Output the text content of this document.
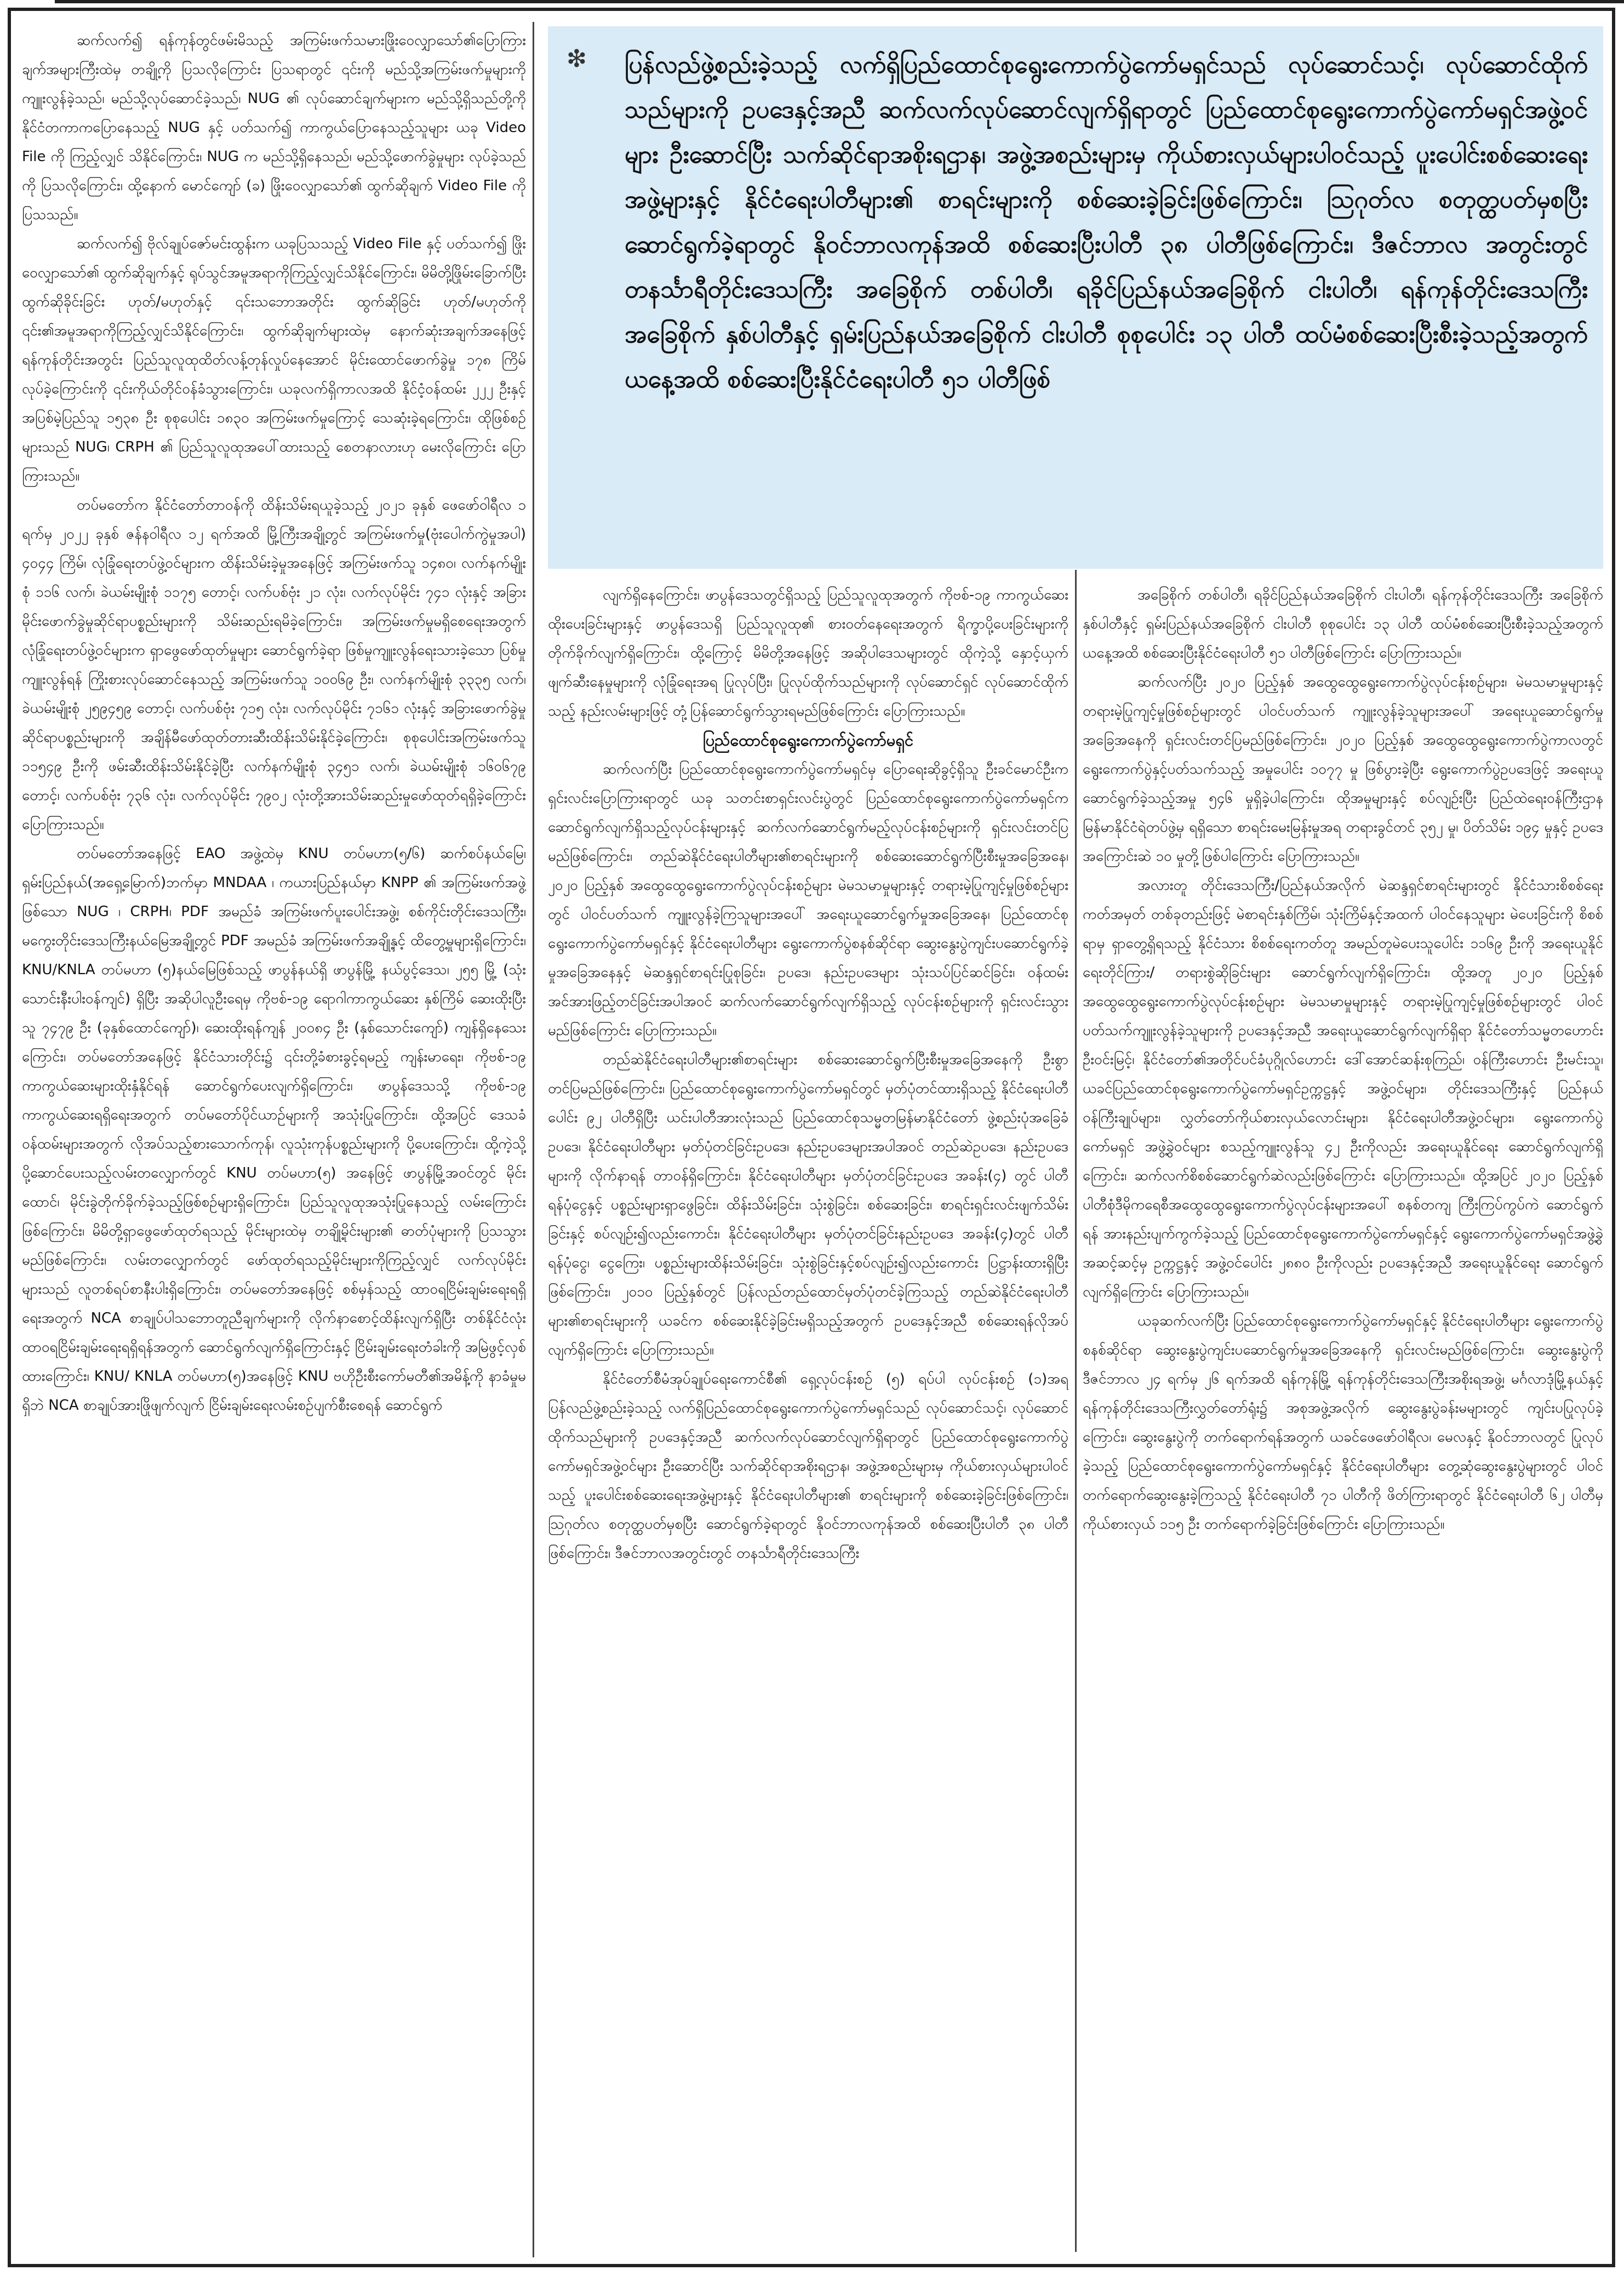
❇ ပြန်လည်ဖွဲ့စည်းခဲ့သည့် လက်ရှိပြည်ထောင်စုရွေးကောက်ပွဲကော်မရှင်သည် လုပ်ဆောင်သင့်၊ လုပ်ဆောင်ထိုက်သည်များကို ဥပဒေနှင့်အညီ ဆက်လက်လုပ်ဆောင်လျက်ရှိရာတွင် ပြည်ထောင်စုရွေးကောက်ပွဲကော်မရှင်အဖွဲ့ဝင်များ ဦးဆောင်ပြီး သက်ဆိုင်ရာအစိုးရဌာန၊ အဖွဲ့အစည်းများမှ ကိုယ်စားလှယ်များပါဝင်သည့် ပူးပေါင်းစစ်ဆေးရေးအဖွဲ့များနှင့် နိုင်ငံရေးပါတီများ၏ စာရင်းများကို စစ်ဆေးခဲ့ခြင်းဖြစ်ကြောင်း၊ ဩဂုတ်လ စတုတ္ထပတ်မှစပြီး ဆောင်ရွက်ခဲ့ရာတွင် နိုဝင်ဘာလကုန်အထိ စစ်ဆေးပြီးပါတီ ၃၈ ပါတီဖြစ်ကြောင်း၊ ဒီဇင်ဘာလ အတွင်းတွင် တနင်္သာရီတိုင်းဒေသကြီး အခြေစိုက် တစ်ပါတီ၊ ရခိုင်ပြည်နယ်အခြေစိုက် ငါးပါတီ၊ ရန်ကုန်တိုင်းဒေသကြီး အခြေစိုက် နှစ်ပါတီနှင့် ရှမ်းပြည်နယ်အခြေစိုက် ငါးပါတီ စုစုပေါင်း ၁၃ ပါတီ ထပ်မံစစ်ဆေးပြီးစီးခဲ့သည့်အတွက် ယနေ့အထိ စစ်ဆေးပြီးနိုင်ငံရေးပါတီ ၅၁ ပါတီဖြစ်

ဆက်လက်၍ ရန်ကုန်တွင်ဖမ်းမိသည့် အကြမ်းဖက်သမားဖြိုးဝေလျှာသော်၏ပြောကြားချက်အများကြီးထဲမှ တချို့ကို ပြသလိုကြောင်း ပြသရာတွင် ၎င်းကို မည်သို့အကြမ်းဖက်မှုများကို ကျူးလွန်ခဲ့သည်၊ မည်သို့လုပ်ဆောင်ခဲ့သည်၊ NUG ၏ လုပ်ဆောင်ချက်များက မည်သို့ရှိသည်တို့ကို နိုင်ငံတကာကပြောနေသည့် NUG နှင့် ပတ်သက်၍ ကာကွယ်ပြောနေသည့်သူများ ယခု Video File ကို ကြည့်လျှင် သိနိုင်ကြောင်း၊ NUG က မည်သို့ရှိနေသည်၊ မည်သို့ဖောက်ခွဲမှုများ လုပ်ခဲ့သည်ကို ပြသလိုကြောင်း၊ ထို့နောက် မောင်ကျော် (ခ) ဖြိုးဝေလျှာသော်၏ ထွက်ဆိုချက် Video File ကို ပြသသည်။

ဆက်လက်၍ ဗိုလ်ချုပ်ဇော်မင်းထွန်းက ယခုပြသသည့် Video File နှင့် ပတ်သက်၍ ဖြိုးဝေလျှာသော်၏ ထွက်ဆိုချက်နှင့် ရုပ်သွင်အမူအရာကိုကြည့်လျှင်သိနိုင်ကြောင်း၊ မိမိတို့ဖြိုမ်းခြောက်ပြီးထွက်ဆိုခိုင်းခြင်း ဟုတ်/မဟုတ်နှင့် ၎င်းသဘောအတိုင်း ထွက်ဆိုခြင်း ဟုတ်/မဟုတ်ကို ၎င်း၏အမူအရာကိုကြည့်လျှင်သိနိုင်ကြောင်း၊ ထွက်ဆိုချက်များထဲမှ နောက်ဆုံးအချက်အနေဖြင့် ရန်ကုန်တိုင်းအတွင်း ပြည်သူလူထုထိတ်လန့်တုန်လှုပ်နေအောင် မိုင်းထောင်ဖောက်ခွဲမှု ၁၇၈ ကြိမ် လုပ်ခဲ့ကြောင်းကို ၎င်းကိုယ်တိုင်ဝန်ခံသွားကြောင်း၊ ယခုလက်ရှိကာလအထိ နိုင်ငံ့ဝန်ထမ်း ၂၂၂ ဦးနှင့် အပြစ်မဲ့ပြည်သူ ၁၅၃၈ ဦး စုစုပေါင်း ၁၈၃၀ အကြမ်းဖက်မှုကြောင့် သေဆုံးခဲ့ရကြောင်း၊ ထိုဖြစ်စဉ်များသည် NUG၊ CRPH ၏ ပြည်သူလူထုအပေါ်ထားသည့် စေတနာလားဟု မေးလိုကြောင်း ပြောကြားသည်။

တပ်မတော်က နိုင်ငံတော်တာဝန်ကို ထိန်းသိမ်းရယူခဲ့သည့် ၂၀၂၁ ခုနှစ် ဖေဖော်ဝါရီလ ၁ ရက်မှ ၂၀၂၂ ခုနှစ် ဇန်နဝါရီလ ၁၂ ရက်အထိ မြို့ကြီးအချို့တွင် အကြမ်းဖက်မှု(ဗုံးပေါက်ကွဲမှုအပါ) ၄၀၄၄ ကြိမ်၊ လုံခြုံရေးတပ်ဖွဲ့ဝင်များက ထိန်းသိမ်းခဲ့မှုအနေဖြင့် အကြမ်းဖက်သူ ၁၄၈၀၊ လက်နက်မျိုးစုံ ၁၁၆ လက်၊ ခဲယမ်းမျိုးစုံ ၁၁၇၅ တောင့်၊ လက်ပစ်ဗုံး ၂၁ လုံး၊ လက်လုပ်မိုင်း ၇၄၁ လုံးနှင့် အခြားမိုင်းဖောက်ခွဲမှုဆိုင်ရာပစ္စည်းများကို သိမ်းဆည်းရမိခဲ့ကြောင်း၊ အကြမ်းဖက်မှုမရှိစေရေးအတွက် လုံခြုံရေးတပ်ဖွဲ့ဝင်များက ရှာဖွေဖော်ထုတ်မှုများ ဆောင်ရွက်ခဲ့ရာ ဖြစ်မှုကျူးလွန်ရေးသားခဲ့သော ပြစ်မှုကျူးလွန်ရန် ကြိုးစားလုပ်ဆောင်နေသည့် အကြမ်းဖက်သူ ၁၀၀၆၉ ဦး၊ လက်နက်မျိုးစုံ ၃၃၃၅ လက်၊ ခဲယမ်းမျိုးစုံ ၂၅၉၄၅၉ တောင့်၊ လက်ပစ်ဗုံး ၇၁၅ လုံး၊ လက်လုပ်မိုင်း ၇၁၆၁ လုံးနှင့် အခြားဖောက်ခွဲမှုဆိုင်ရာပစ္စည်းများကို အချိန်မီဖော်ထုတ်တားဆီးထိန်းသိမ်းနိုင်ခဲ့ကြောင်း၊ စုစုပေါင်းအကြမ်းဖက်သူ ၁၁၅၄၉ ဦးကို ဖမ်းဆီးထိန်းသိမ်းနိုင်ခဲ့ပြီး လက်နက်မျိုးစုံ ၃၄၅၁ လက်၊ ခဲယမ်းမျိုးစုံ ၁၆၀၆၇၉ တောင့်၊ လက်ပစ်ဗုံး ၇၃၆ လုံး၊ လက်လုပ်မိုင်း ၇၉၀၂ လုံးတို့အားသိမ်းဆည်းမှုဖော်ထုတ်ရရှိခဲ့ကြောင်း ပြောကြားသည်။

တပ်မတော်အနေဖြင့် EAO အဖွဲ့ထဲမှ KNU တပ်မဟာ(၅/၆) ဆက်စပ်နယ်မြေ၊ ရှမ်းပြည်နယ်(အရှေ့မြောက်)ဘက်မှာ MNDAA ၊ ကယားပြည်နယ်မှာ KNPP ၏ အကြမ်းဖက်အဖွဲ့ဖြစ်သော NUG ၊ CRPH၊ PDF အမည်ခံ အကြမ်းဖက်ပူးပေါင်းအဖွဲ့၊ စစ်ကိုင်းတိုင်းဒေသကြီး၊ မကွေးတိုင်းဒေသကြီးနယ်မြေအချို့တွင် PDF အမည်ခံ အကြမ်းဖက်အချို့နှင့် ထိတွေ့မှုများရှိကြောင်း၊ KNU/KNLA တပ်မဟာ (၅)နယ်မြေဖြစ်သည့် ဖာပွန်နယ်ရှိ ဖာပွန်မြို့ နယ်ပွင့်ဒေသ၊ ၂၅၅ မြို့ (သုံးသောင်းနီးပါးဝန်ကျင်) ရှိပြီး အဆိုပါလူဦးရေမှ ကိုဗစ်-၁၉ ရောဂါကာကွယ်ဆေး နှစ်ကြိမ် ဆေးထိုးပြီးသူ ၇၄၇၉ ဦး (ခုနှစ်ထောင်ကျော်)၊ ဆေးထိုးရန်ကျန် ၂၀၀၈၄ ဦး (နှစ်သောင်းကျော်) ကျန်ရှိနေသေးကြောင်း၊ တပ်မတော်အနေဖြင့် နိုင်ငံသားတိုင်း၌ ၎င်းတို့ခံစားခွင့်ရမည့် ကျန်းမာရေး၊ ကိုဗစ်-၁၉ ကာကွယ်ဆေးများထိုးနှံနိုင်ရန် ဆောင်ရွက်ပေးလျက်ရှိကြောင်း၊ ဖာပွန်ဒေသသို့ ကိုဗစ်-၁၉ ကာကွယ်ဆေးရရှိရေးအတွက် တပ်မတော်ပိုင်ယာဉ်များကို အသုံးပြုကြောင်း၊ ထို့အပြင် ဒေသခံဝန်ထမ်းများအတွက် လိုအပ်သည့်စားသောက်ကုန်၊ လူသုံးကုန်ပစ္စည်းများကို ပို့ပေးကြောင်း၊ ထို့ကဲ့သို့ ပို့ဆောင်ပေးသည့်လမ်းတလျှောက်တွင် KNU တပ်မဟာ(၅) အနေဖြင့် ဖာပွန်မြို့အဝင်တွင် မိုင်းထောင်၊ မိုင်းခွဲတိုက်ခိုက်ခဲ့သည့်ဖြစ်စဉ်များရှိကြောင်း၊ ပြည်သူလူထုအသုံးပြုနေသည့် လမ်းကြောင်းဖြစ်ကြောင်း၊ မိမိတို့ရှာဖွေဖော်ထုတ်ရသည့် မိုင်းများထဲမှ တချို့မိုင်းများ၏ ဓာတ်ပုံများကို ပြသသွားမည်ဖြစ်ကြောင်း၊ လမ်းတလျှောက်တွင် ဖော်ထုတ်ရသည့်မိုင်းများကိုကြည့်လျှင် လက်လုပ်မိုင်းများသည် လူတစ်ရပ်စာနီးပါးရှိကြောင်း၊ တပ်မတော်အနေဖြင့် စစ်မှန်သည့် ထာဝရငြိမ်းချမ်းရေးရရှိရေးအတွက် NCA စာချုပ်ပါသဘောတူညီချက်များကို လိုက်နာစောင့်ထိန်းလျက်ရှိပြီး တစ်နိုင်ငံလုံး ထာဝရငြိမ်းချမ်းရေးရရှိရန်အတွက် ဆောင်ရွက်လျက်ရှိကြောင်းနှင့် ငြိမ်းချမ်းရေးတံခါးကို အမြဲဖွင့်လှစ်ထားကြောင်း၊ KNU/ KNLA တပ်မဟာ(၅)အနေဖြင့် KNU ဗဟိုဦးစီးကော်မတီ၏အမိန့်ကို နာခံမှုမရှိဘဲ NCA စာချုပ်အားဖြိုဖျက်လျက် ငြိမ်းချမ်းရေးလမ်းစဉ်ပျက်စီးစေရန် ဆောင်ရွက်

လျက်ရှိနေကြောင်း၊ ဖာပွန်ဒေသတွင်ရှိသည့် ပြည်သူလူထုအတွက် ကိုဗစ်-၁၉ ကာကွယ်ဆေးထိုးပေးခြင်းများနှင့် ဖာပွန်ဒေသရှိ ပြည်သူလူထု၏ စားဝတ်နေရေးအတွက် ရိက္ခာပို့ပေးခြင်းများကို တိုက်ခိုက်လျက်ရှိကြောင်း၊ ထို့ကြောင့် မိမိတို့အနေဖြင့် အဆိုပါဒေသများတွင် ထိုကဲ့သို့ နှောင့်ယှက်ဖျက်ဆီးနေမှုများကို လုံခြုံရေးအရ ပြုလုပ်ပြီး၊ ပြုလုပ်ထိုက်သည်များကို လုပ်ဆောင်ရှင် လုပ်ဆောင်ထိုက်သည့် နည်းလမ်းများဖြင့် တုံ့ပြန်ဆောင်ရွက်သွားရမည်ဖြစ်ကြောင်း ပြောကြားသည်။

ပြည်ထောင်စုရွေးကောက်ပွဲကော်မရှင်

ဆက်လက်ပြီး ပြည်ထောင်စုရွေးကောက်ပွဲကော်မရှင်မှ ပြောရေးဆိုခွင့်ရှိသူ ဦးခင်မောင်ဦးက ရှင်းလင်းပြောကြားရာတွင် ယခု သတင်းစာရှင်းလင်းပွဲတွင် ပြည်ထောင်စုရွေးကောက်ပွဲကော်မရှင်က ဆောင်ရွက်လျက်ရှိသည့်လုပ်ငန်းများနှင့် ဆက်လက်ဆောင်ရွက်မည့်လုပ်ငန်းစဉ်များကို ရှင်းလင်းတင်ပြမည်ဖြစ်ကြောင်း၊ တည်ဆဲနိုင်ငံရေးပါတီများ၏စာရင်းများကို စစ်ဆေးဆောင်ရွက်ပြီးစီးမှုအခြေအနေ၊ ၂၀၂၀ ပြည့်နှစ် အထွေထွေရွေးကောက်ပွဲလုပ်ငန်းစဉ်များ မဲမသမာမှုများနှင့် တရားမဲ့ပြုကျင့်မှုဖြစ်စဉ်များတွင် ပါဝင်ပတ်သက် ကျူးလွန်ခဲ့ကြသူများအပေါ် အရေးယူဆောင်ရွက်မှုအခြေအနေ၊ ပြည်ထောင်စုရွေးကောက်ပွဲကော်မရှင်နှင့် နိုင်ငံရေးပါတီများ ရွေးကောက်ပွဲစနစ်ဆိုင်ရာ ဆွေးနွေးပွဲကျင်းပဆောင်ရွက်ခဲ့မှုအခြေအနေနှင့် မဲဆန္ဒရှင်စာရင်းပြုစုခြင်း၊ ဥပဒေ၊ နည်းဥပဒေများ သုံးသပ်ပြင်ဆင်ခြင်း၊ ဝန်ထမ်းအင်အားဖြည့်တင်ခြင်းအပါအဝင် ဆက်လက်ဆောင်ရွက်လျက်ရှိသည့် လုပ်ငန်းစဉ်များကို ရှင်းလင်းသွားမည်ဖြစ်ကြောင်း ပြောကြားသည်။

တည်ဆဲနိုင်ငံရေးပါတီများ၏စာရင်းများ စစ်ဆေးဆောင်ရွက်ပြီးစီးမှုအခြေအနေကို ဦးစွာတင်ပြမည်ဖြစ်ကြောင်း၊ ပြည်ထောင်စုရွေးကောက်ပွဲကော်မရှင်တွင် မှတ်ပုံတင်ထားရှိသည့် နိုင်ငံရေးပါတီပေါင်း ၉၂ ပါတီရှိပြီး ယင်းပါတီအားလုံးသည် ပြည်ထောင်စုသမ္မတမြန်မာနိုင်ငံတော် ဖွဲ့စည်းပုံအခြေခံဥပဒေ၊ နိုင်ငံရေးပါတီများ မှတ်ပုံတင်ခြင်းဥပဒေ၊ နည်းဥပဒေများအပါအဝင် တည်ဆဲဥပဒေ၊ နည်းဥပဒေများကို လိုက်နာရန် တာဝန်ရှိကြောင်း၊ နိုင်ငံရေးပါတီများ မှတ်ပုံတင်ခြင်းဥပဒေ အခန်း(၄) တွင် ပါတီရန်ပုံငွေနှင့် ပစ္စည်းများရှာဖွေခြင်း၊ ထိန်းသိမ်းခြင်း၊ သုံးစွဲခြင်း၊ စစ်ဆေးခြင်း၊ စာရင်းရှင်းလင်းဖျက်သိမ်းခြင်းနှင့် စပ်လျဉ်း၍လည်းကောင်း၊ နိုင်ငံရေးပါတီများ မှတ်ပုံတင်ခြင်းနည်းဥပဒေ အခန်း(၄)တွင် ပါတီရန်ပုံငွေ၊ ငွေကြေး၊ ပစ္စည်းများထိန်းသိမ်းခြင်း၊ သုံးစွဲခြင်းနှင့်စပ်လျဉ်း၍လည်းကောင်း ပြဋ္ဌာန်းထားရှိပြီးဖြစ်ကြောင်း၊ ၂၀၁၀ ပြည့်နှစ်တွင် ပြန်လည်တည်ထောင်မှတ်ပုံတင်ခဲ့ကြသည့် တည်ဆဲနိုင်ငံရေးပါတီများ၏စာရင်းများကို ယခင်က စစ်ဆေးနိုင်ခဲ့ခြင်းမရှိသည့်အတွက် ဥပဒေနှင့်အညီ စစ်ဆေးရန်လိုအပ်လျက်ရှိကြောင်း ပြောကြားသည်။

နိုင်ငံတော်စီမံအုပ်ချုပ်ရေးကောင်စီ၏ ရှေ့လုပ်ငန်းစဉ် (၅) ရပ်ပါ လုပ်ငန်းစဉ် (၁)အရ ပြန်လည်ဖွဲ့စည်းခဲ့သည့် လက်ရှိပြည်ထောင်စုရွေးကောက်ပွဲကော်မရှင်သည် လုပ်ဆောင်သင့်၊ လုပ်ဆောင်ထိုက်သည်များကို ဥပဒေနှင့်အညီ ဆက်လက်လုပ်ဆောင်လျက်ရှိရာတွင် ပြည်ထောင်စုရွေးကောက်ပွဲကော်မရှင်အဖွဲ့ဝင်များ ဦးဆောင်ပြီး သက်ဆိုင်ရာအစိုးရဌာန၊ အဖွဲ့အစည်းများမှ ကိုယ်စားလှယ်များပါဝင်သည့် ပူးပေါင်းစစ်ဆေးရေးအဖွဲ့များနှင့် နိုင်ငံရေးပါတီများ၏ စာရင်းများကို စစ်ဆေးခဲ့ခြင်းဖြစ်ကြောင်း၊ ဩဂုတ်လ စတုတ္ထပတ်မှစပြီး ဆောင်ရွက်ခဲ့ရာတွင် နိုဝင်ဘာလကုန်အထိ စစ်ဆေးပြီးပါတီ ၃၈ ပါတီဖြစ်ကြောင်း၊ ဒီဇင်ဘာလအတွင်းတွင် တနင်္သာရီတိုင်းဒေသကြီး

အခြေစိုက် တစ်ပါတီ၊ ရခိုင်ပြည်နယ်အခြေစိုက် ငါးပါတီ၊ ရန်ကုန်တိုင်းဒေသကြီး အခြေစိုက် နှစ်ပါတီနှင့် ရှမ်းပြည်နယ်အခြေစိုက် ငါးပါတီ စုစုပေါင်း ၁၃ ပါတီ ထပ်မံစစ်ဆေးပြီးစီးခဲ့သည့်အတွက် ယနေ့အထိ စစ်ဆေးပြီးနိုင်ငံရေးပါတီ ၅၁ ပါတီဖြစ်ကြောင်း ပြောကြားသည်။

ဆက်လက်ပြီး ၂၀၂၀ ပြည့်နှစ် အထွေထွေရွေးကောက်ပွဲလုပ်ငန်းစဉ်များ၊ မဲမသမာမှုများနှင့် တရားမဲ့ပြုကျင့်မှုဖြစ်စဉ်များတွင် ပါဝင်ပတ်သက် ကျူးလွန်ခဲ့သူများအပေါ် အရေးယူဆောင်ရွက်မှုအခြေအနေကို ရှင်းလင်းတင်ပြမည်ဖြစ်ကြောင်း၊ ၂၀၂၀ ပြည့်နှစ် အထွေထွေရွေးကောက်ပွဲကာလတွင် ရွေးကောက်ပွဲနှင့်ပတ်သက်သည့် အမှုပေါင်း ၁၀၇၇ မှု ဖြစ်ပွားခဲ့ပြီး ရွေးကောက်ပွဲဥပဒေဖြင့် အရေးယူဆောင်ရွက်ခဲ့သည့်အမှု ၅၄၆ မှုရှိခဲ့ပါကြောင်း၊ ထိုအမှုများနှင့် စပ်လျဉ်းပြီး ပြည်ထဲရေးဝန်ကြီးဌာန မြန်မာနိုင်ငံရဲတပ်ဖွဲ့မှ ရရှိသော စာရင်းမေးမြန်းမှုအရ တရားခွင်တင် ၃၅၂ မှု၊ ပိတ်သိမ်း ၁၉၄ မှုနှင့် ဥပဒေအကြောင်းဆဲ ၁၀ မှုတို့ဖြစ်ပါကြောင်း ပြောကြားသည်။

အလားတူ တိုင်းဒေသကြီး/ပြည်နယ်အလိုက် မဲဆန္ဒရှင်စာရင်းများတွင် နိုင်ငံသားစိစစ်ရေးကတ်အမှတ် တစ်ခုတည်းဖြင့် မဲစာရင်းနှစ်ကြိမ်၊ သုံးကြိမ်နှင့်အထက် ပါဝင်နေသူများ မဲပေးခြင်းကို စိစစ်ရာမှ ရှာတွေ့ရှိရသည့် နိုင်ငံသား စိစစ်ရေးကတ်တူ အမည်တူမဲပေးသူပေါင်း ၁၁၆၉ ဦးကို အရေးယူနိုင်ရေးတိုင်ကြား/ တရားစွဲဆိုခြင်းများ ဆောင်ရွက်လျက်ရှိကြောင်း၊ ထို့အတူ ၂၀၂၀ ပြည့်နှစ် အထွေထွေရွေးကောက်ပွဲလုပ်ငန်းစဉ်များ မဲမသမာမှုများနှင့် တရားမဲ့ပြုကျင့်မှုဖြစ်စဉ်များတွင် ပါဝင်ပတ်သက်ကျူးလွန်ခဲ့သူများကို ဥပဒေနှင့်အညီ အရေးယူဆောင်ရွက်လျက်ရှိရာ နိုင်ငံတော်သမ္မတဟောင်း ဦးဝင်းမြင့်၊ နိုင်ငံတော်၏အတိုင်ပင်ခံပုဂ္ဂိုလ်ဟောင်း ဒေါ်အောင်ဆန်းစုကြည်၊ ဝန်ကြီးဟောင်း ဦးမင်းသူ၊ ယခင်ပြည်ထောင်စုရွေးကောက်ပွဲကော်မရှင်ဥက္ကဋ္ဌနှင့် အဖွဲ့ဝင်များ၊ တိုင်းဒေသကြီးနှင့် ပြည်နယ်ဝန်ကြီးချုပ်များ၊ လွှတ်တော်ကိုယ်စားလှယ်လောင်းများ၊ နိုင်ငံရေးပါတီအဖွဲ့ဝင်များ၊ ရွေးကောက်ပွဲကော်မရှင် အဖွဲ့ခွဲဝင်များ စသည့်ကျူးလွန်သူ ၄၂ ဦးကိုလည်း အရေးယူနိုင်ရေး ဆောင်ရွက်လျက်ရှိကြောင်း၊ ဆက်လက်စိစစ်ဆောင်ရွက်ဆဲလည်းဖြစ်ကြောင်း ပြောကြားသည်။ ထို့အပြင် ၂၀၂၀ ပြည့်နှစ် ပါတီစုံဒီမိုကရေစီအထွေထွေရွေးကောက်ပွဲလုပ်ငန်းများအပေါ် စနစ်တကျ ကြီးကြပ်ကွပ်ကဲ ဆောင်ရွက်ရန် အားနည်းပျက်ကွက်ခဲ့သည့် ပြည်ထောင်စုရွေးကောက်ပွဲကော်မရှင်နှင့် ရွေးကောက်ပွဲကော်မရှင်အဖွဲ့ခွဲအဆင့်ဆင့်မှ ဥက္ကဋ္ဌနှင့် အဖွဲ့ဝင်ပေါင်း ၂၈၈၀ ဦးကိုလည်း ဥပဒေနှင့်အညီ အရေးယူနိုင်ရေး ဆောင်ရွက်လျက်ရှိကြောင်း ပြောကြားသည်။

ယခုဆက်လက်ပြီး ပြည်ထောင်စုရွေးကောက်ပွဲကော်မရှင်နှင့် နိုင်ငံရေးပါတီများ ရွေးကောက်ပွဲစနစ်ဆိုင်ရာ ဆွေးနွေးပွဲကျင်းပဆောင်ရွက်မှုအခြေအနေကို ရှင်းလင်းမည်ဖြစ်ကြောင်း၊ ဆွေးနွေးပွဲကို ဒီဇင်ဘာလ ၂၄ ရက်မှ ၂၆ ရက်အထိ ရန်ကုန်မြို့ ရန်ကုန်တိုင်းဒေသကြီးအစိုးရအဖွဲ့၊ မင်္ဂလာဒုံမြို့နယ်နှင့် ရန်ကုန်တိုင်းဒေသကြီးလွှတ်တော်ရုံး၌ အစုအဖွဲ့အလိုက် ဆွေးနွေးပွဲခန်းမများတွင် ကျင်းပပြုလုပ်ခဲ့ကြောင်း၊ ဆွေးနွေးပွဲကို တက်ရောက်ရန်အတွက် ယခင်ဖေဖော်ဝါရီလ၊ မေလနှင့် နိုဝင်ဘာလတွင် ပြုလုပ်ခဲ့သည့် ပြည်ထောင်စုရွေးကောက်ပွဲကော်မရှင်နှင့် နိုင်ငံရေးပါတီများ တွေ့ဆုံဆွေးနွေးပွဲများတွင် ပါဝင်တက်ရောက်ဆွေးနွေးခဲ့ကြသည့် နိုင်ငံရေးပါတီ ၇၁ ပါတီကို ဖိတ်ကြားရာတွင် နိုင်ငံရေးပါတီ ၆၂ ပါတီမှ ကိုယ်စားလှယ် ၁၁၅ ဦး တက်ရောက်ခဲ့ခြင်းဖြစ်ကြောင်း ပြောကြားသည်။
